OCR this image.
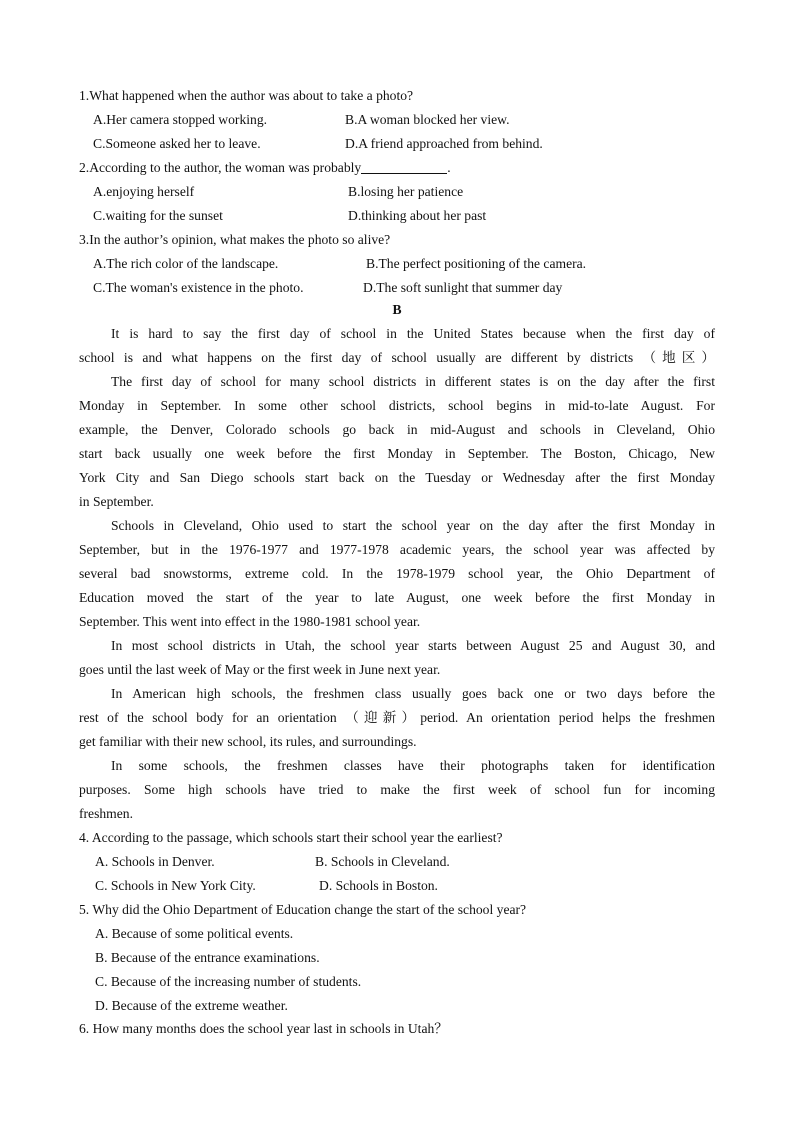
1.What happened when the author was about to take a photo?
A.Her camera stopped working.	B.A woman blocked her view.
C.Someone asked her to leave.	D.A friend approached from behind.
2.According to the author, the woman was probably	.
A.enjoying herself	B.losing her patience
C.waiting for the sunset	D.thinking about her past
3.In the author’s opinion, what makes the photo so alive?
A.The rich color of the landscape.	B.The perfect positioning of the camera.
C.The woman's existence in the photo.	D.The soft sunlight that summer day
B
It is hard to say the first day of school in the United States because when the first day of
school is and what happens on the first day of school usually are different by districts （地区）
The first day of school for many school districts in different states is on the day after the first
Monday in September. In some other school districts, school begins in mid-to-late August. For
example, the Denver, Colorado schools go back in mid-August and schools in Cleveland, Ohio
start back usually one week before the first Monday in September. The Boston, Chicago, New
York City and San Diego schools start back on the Tuesday or Wednesday after the first Monday
in September.
Schools in Cleveland, Ohio used to start the school year on the day after the first Monday in
September, but in the 1976-1977 and 1977-1978 academic years, the school year was affected by
several bad snowstorms, extreme cold. In the 1978-1979 school year, the Ohio Department of
Education moved the start of the year to late August, one week before the first Monday in
September. This went into effect in the 1980-1981 school year.
In most school districts in Utah, the school year starts between August 25 and August 30, and
goes until the last week of May or the first week in June next year.
In American high schools, the freshmen class usually goes back one or two days before the
rest of the school body for an orientation （迎新）period. An orientation period helps the freshmen
get familiar with their new school, its rules, and surroundings.
In some schools, the freshmen classes have their photographs taken for identification
purposes. Some high schools have tried to make the first week of school fun for incoming
freshmen.
4. According to the passage, which schools start their school year the earliest?
A. Schools in Denver.	B. Schools in Cleveland.
C. Schools in New York City.	D. Schools in Boston.
5. Why did the Ohio Department of Education change the start of the school year?
A. Because of some political events.
B. Because of the entrance examinations.
C. Because of the increasing number of students.
D. Because of the extreme weather.
6. How many months does the school year last in schools in Utah？
